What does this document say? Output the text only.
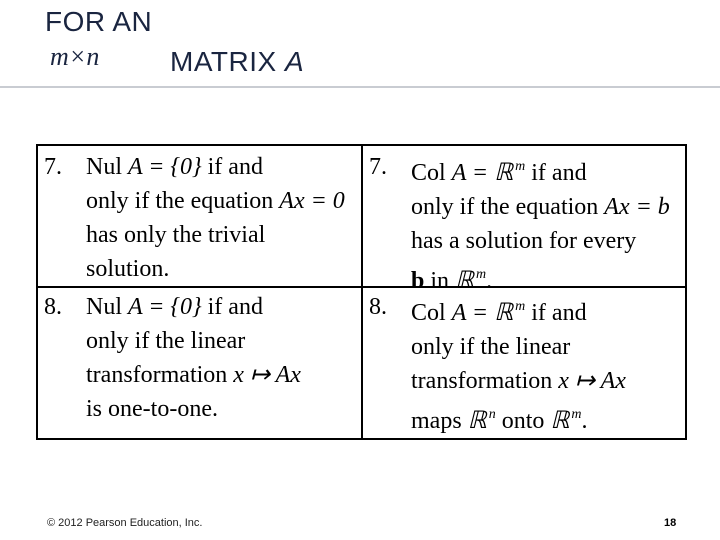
FOR AN
m×n	MATRIX A
7. Nul A = {0} if and
only if the equation Ax = 0
has only the trivial
solution.
8. Nul A = {0} if and
only if the linear
transformation x ↦ Ax
is one-to-one.
7. Col A = ℝ $^m$ if and
only if the equation Ax = b
has a solution for every
b in ℝ $^m$.
8. Col A = ℝ $^m$ if and
only if the linear
transformation x ↦ Ax
maps ℝ $^n$ onto ℝ $^m$.
© 2012 Pearson Education, Inc.	18
